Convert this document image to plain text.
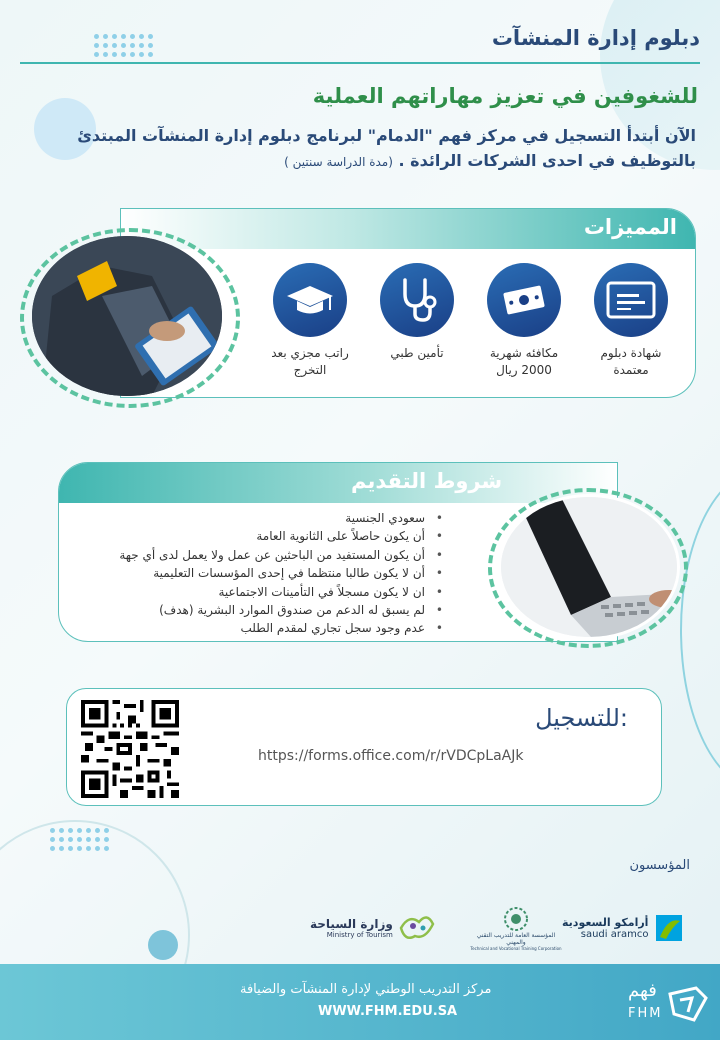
دبلوم إدارة المنشآت
للشغوفين في تعزيز مهاراتهم العملية
الآن أبتدأ التسجيل في مركز فهم "الدمام" لبرنامج دبلوم إدارة المنشآت المبتدئ
بالتوظيف في احدى الشركات الرائدة . (مدة الدراسة سنتين )
المميزات
شهادة دبلوم معتمدة
مكافئه شهرية 2000 ريال
تأمين طبي
راتب مجزي بعد التخرج
شروط التقديم
• سعودي الجنسية
• أن يكون حاصلاً على الثانوية العامة
• أن يكون المستفيد من الباحثين عن عمل ولا يعمل لدى أي جهة
• أن لا يكون طالبا منتظما في إحدى المؤسسات التعليمية
• ان لا يكون مسجلاً في التأمينات الاجتماعية
• لم يسبق له الدعم من صندوق الموارد البشرية (هدف)
• عدم وجود سجل تجاري لمقدم الطلب
للتسجيل:
https://forms.office.com/r/rVDCpLaAJk
المؤسسون
أرامكو السعودية
saudi aramco
المؤسسة العامة للتدريب التقني والمهني
Technical and Vocational Training Corporation
وزارة السياحة
Ministry of Tourism
مركز التدريب الوطني لإدارة المنشآت والضيافة
WWW.FHM.EDU.SA
فهم
FHM
